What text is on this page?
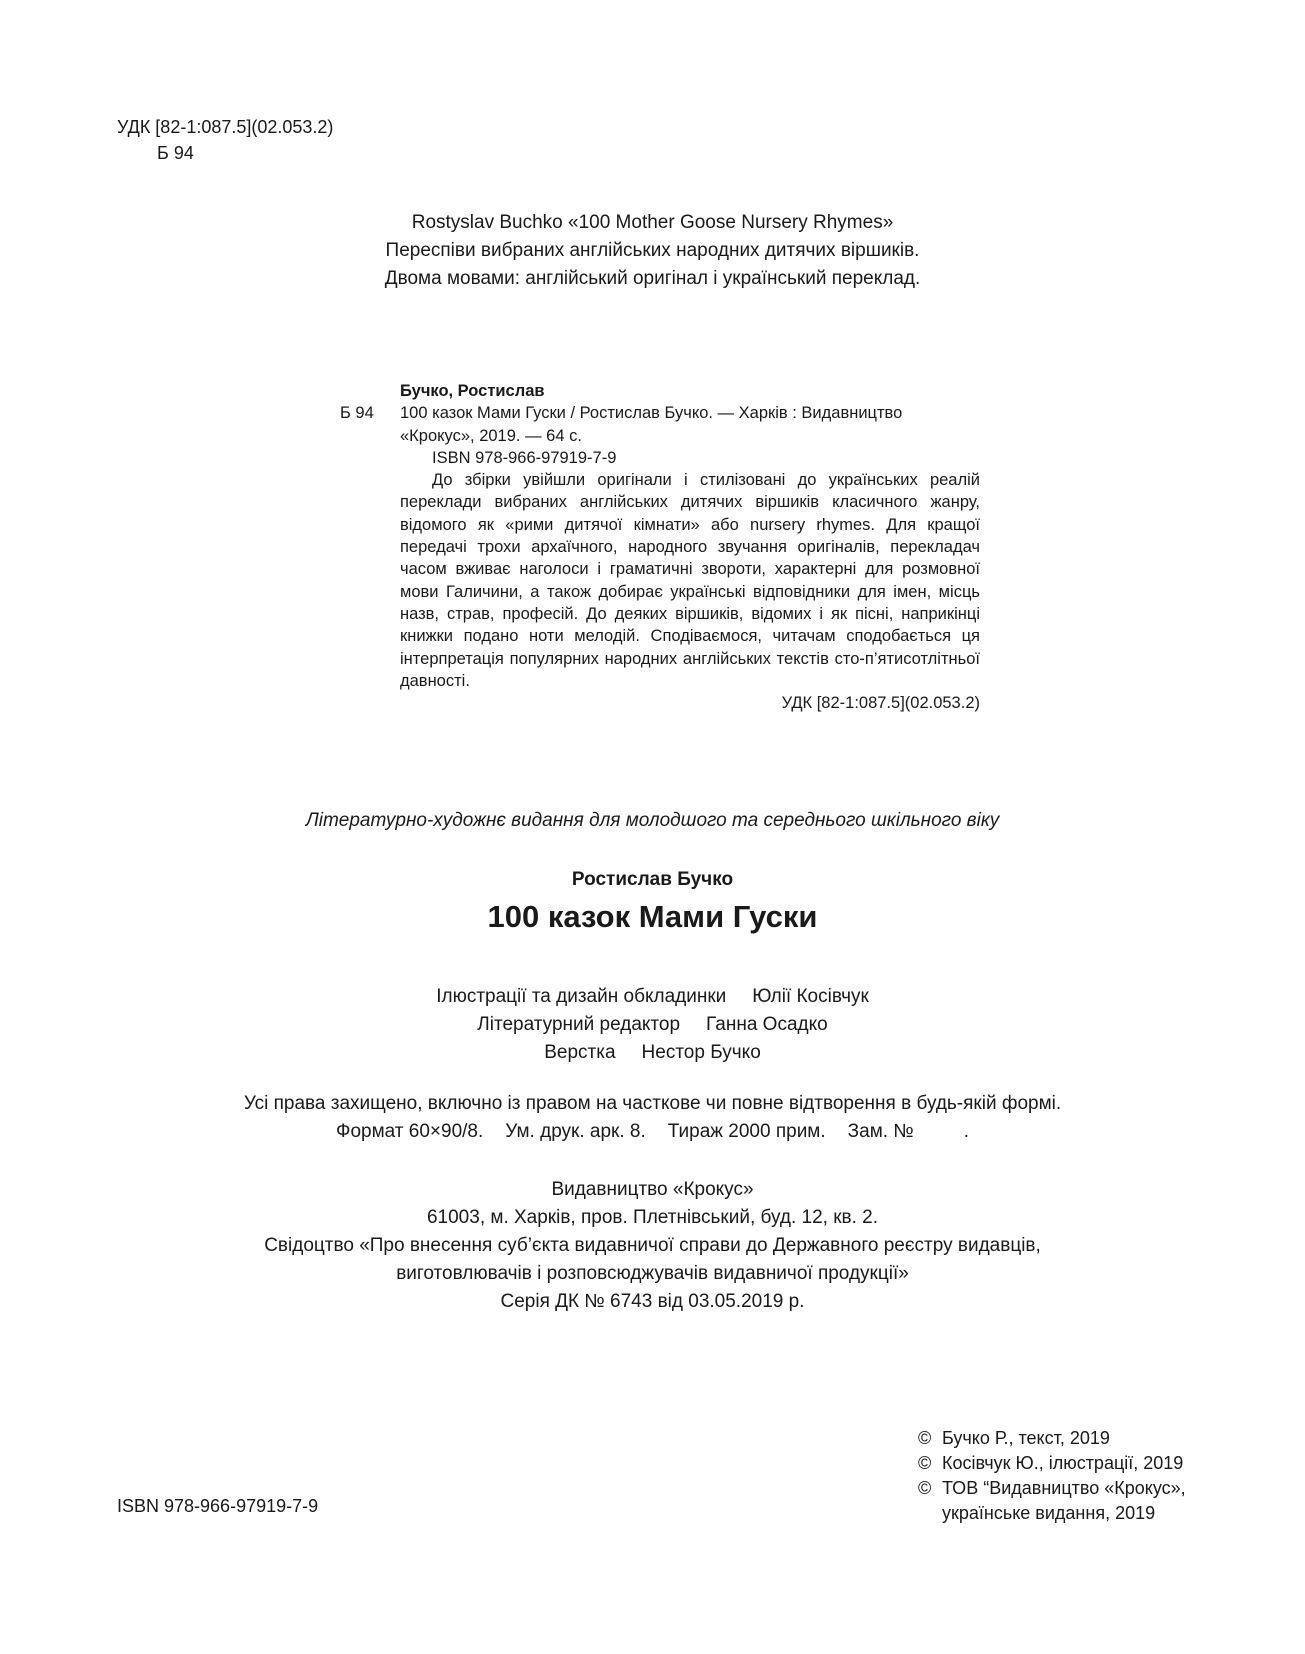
УДК [82-1:087.5](02.053.2)
Б 94
Rostyslav Buchko «100 Mother Goose Nursery Rhymes»
Переспіви вибраних англійських народних дитячих віршиків.
Двома мовами: англійський оригінал і український переклад.
Бучко, Ростислав
Б 94	100 казок Мами Гуски / Ростислав Бучко. — Харків : Видавництво
«Крокус», 2019. — 64 с.
ISBN 978-966-97919-7-9
До збірки увійшли оригінали і стилізовані до українських реалій переклади вибраних англійських дитячих віршиків класичного жанру, відомого як «рими дитячої кімнати» або nursery rhymes. Для кращої передачі трохи архаїчного, народного звучання оригіналів, перекладач часом вживає наголоси і граматичні звороти, характерні для розмовної мови Галичини, а також добирає українські відповідники для імен, місць назв, страв, професій. До деяких віршиків, відомих і як пісні, наприкінці книжки подано ноти мелодій. Сподіваємося, читачам сподобається ця інтерпретація популярних народних англійських текстів сто-п’ятисотлітньої давності.
УДК [82-1:087.5](02.053.2)
Літературно-художнє видання для молодшого та середнього шкільного віку
Ростислав Бучко
100 казок Мами Гуски
Ілюстрації та дизайн обкладинки Юлії Косівчук
Літературний редактор Ганна Осадко
Верстка Нестор Бучко
Усі права захищено, включно із правом на часткове чи повне відтворення в будь-якій формі.
Формат 60×90/8. Ум. друк. арк. 8. Тираж 2000 прим. Зам. №	.
Видавництво «Крокус»
61003, м. Харків, пров. Плетнівський, буд. 12, кв. 2.
Свідоцтво «Про внесення суб’єкта видавничої справи до Державного реєстру видавців,
виготовлювачів і розповсюджувачів видавничої продукції»
Серія ДК № 6743 від 03.05.2019 р.
ISBN 978-966-97919-7-9
© Бучко Р., текст, 2019
© Косівчук Ю., ілюстрації, 2019
© ТОВ “Видавництво «Крокус»,
українське видання, 2019
